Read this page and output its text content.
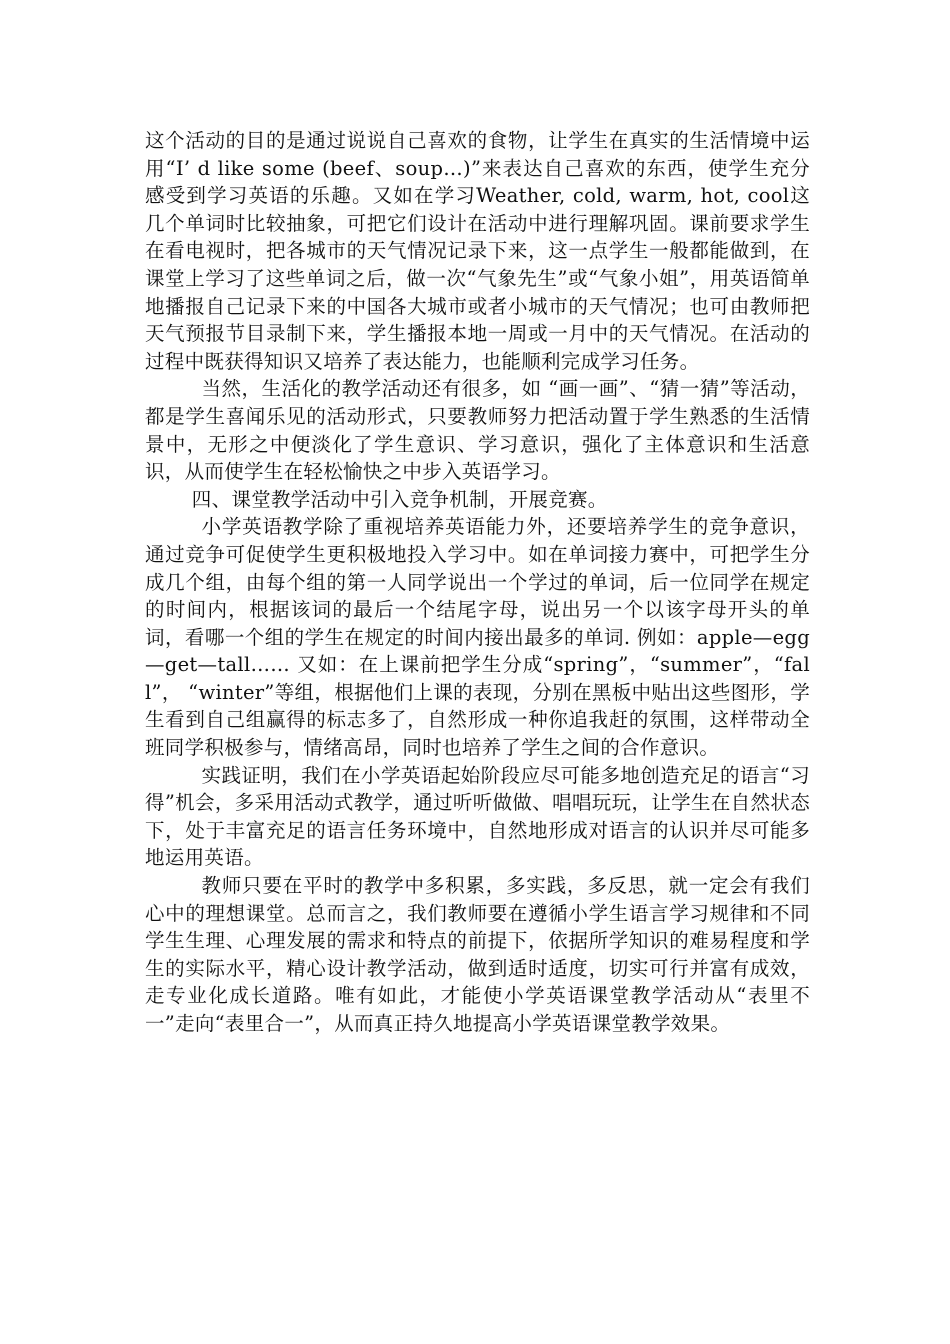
这个活动的目的是通过说说自己喜欢的食物，让学生在真实的生活情境中运用“I’ d like some (beef、soup…)”来表达自己喜欢的东西，使学生充分感受到学习英语的乐趣。又如在学习Weather, cold, warm, hot, cool这几个单词时比较抽象，可把它们设计在活动中进行理解巩固。课前要求学生在看电视时，把各城市的天气情况记录下来，这一点学生一般都能做到，在课堂上学习了这些单词之后，做一次“气象先生”或“气象小姐”，用英语简单地播报自己记录下来的中国各大城市或者小城市的天气情况；也可由教师把天气预报节目录制下来，学生播报本地一周或一月中的天气情况。在活动的过程中既获得知识又培养了表达能力，也能顺利完成学习任务。

当然，生活化的教学活动还有很多，如 “画一画”、“猜一猜”等活动，都是学生喜闻乐见的活动形式，只要教师努力把活动置于学生熟悉的生活情景中，无形之中便淡化了学生意识、学习意识，强化了主体意识和生活意识，从而使学生在轻松愉快之中步入英语学习。

四、课堂教学活动中引入竞争机制，开展竞赛。

小学英语教学除了重视培养英语能力外，还要培养学生的竞争意识，通过竞争可促使学生更积极地投入学习中。如在单词接力赛中，可把学生分成几个组，由每个组的第一人同学说出一个学过的单词，后一位同学在规定的时间内，根据该词的最后一个结尾字母，说出另一个以该字母开头的单词，看哪一个组的学生在规定的时间内接出最多的单词. 例如：apple—egg—get—tall…… 又如：在上课前把学生分成“spring”，“summer”，“fall”， “winter”等组，根据他们上课的表现，分别在黑板中贴出这些图形，学生看到自己组赢得的标志多了，自然形成一种你追我赶的氛围，这样带动全班同学积极参与，情绪高昂，同时也培养了学生之间的合作意识。

实践证明，我们在小学英语起始阶段应尽可能多地创造充足的语言“习得”机会，多采用活动式教学，通过听听做做、唱唱玩玩，让学生在自然状态下，处于丰富充足的语言任务环境中，自然地形成对语言的认识并尽可能多地运用英语。

教师只要在平时的教学中多积累，多实践，多反思，就一定会有我们心中的理想课堂。总而言之，我们教师要在遵循小学生语言学习规律和不同学生生理、心理发展的需求和特点的前提下，依据所学知识的难易程度和学生的实际水平，精心设计教学活动，做到适时适度，切实可行并富有成效，走专业化成长道路。唯有如此，才能使小学英语课堂教学活动从“表里不一”走向“表里合一”，从而真正持久地提高小学英语课堂教学效果。
